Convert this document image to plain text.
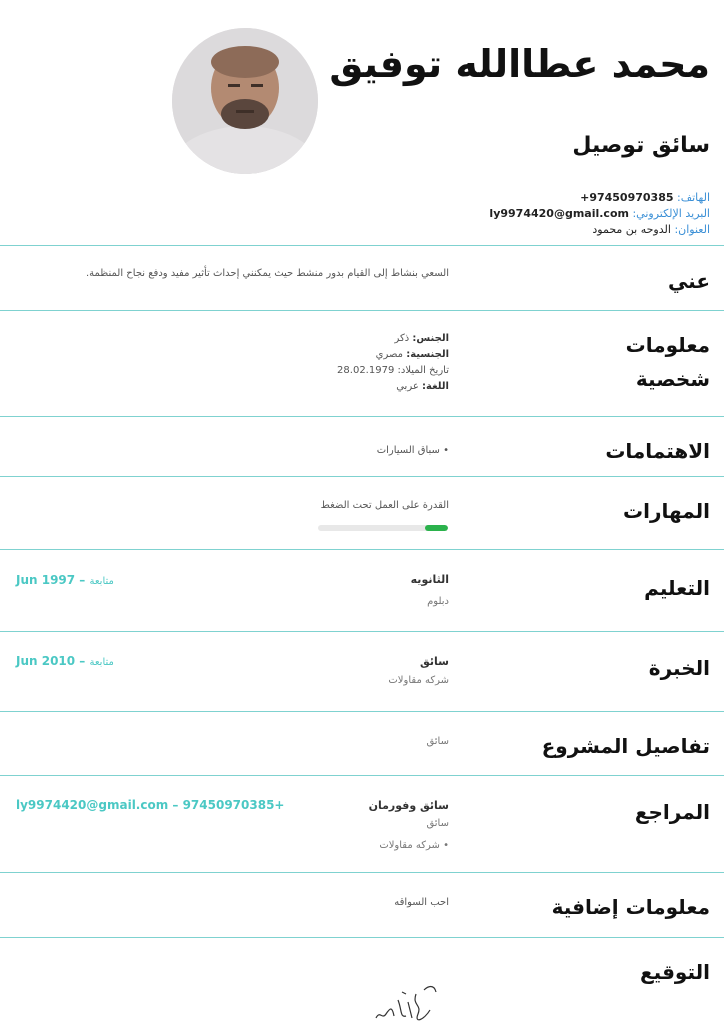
محمد عطاالله توفيق
سائق توصيل
الهاتف: 97450970385+
البريد الإلكتروني: ly9974420@gmail.com
العنوان: الدوحه بن محمود
عني
السعي بنشاط إلى القيام بدور منشط حيث يمكنني إحداث تأثير مفيد ودفع نجاح المنظمة.
معلومات
شخصية
الجنس: ذكر
الجنسية: مصري
تاريخ الميلاد: 28.02.1979
اللغة: عربي
الاهتمامات
• سباق السيارات
المهارات
القدرة على العمل تحت الضغط
التعليم
الثانويه
دبلوم
Jun 1997 – متابعة
الخبرة
سائق
شركه مقاولات
Jun 2010 – متابعة
تفاصيل المشروع
سائق
المراجع
سائق وفورمان
سائق
• شركه مقاولات
ly9974420@gmail.com – 97450970385+
معلومات إضافية
احب السواقه
التوقيع
